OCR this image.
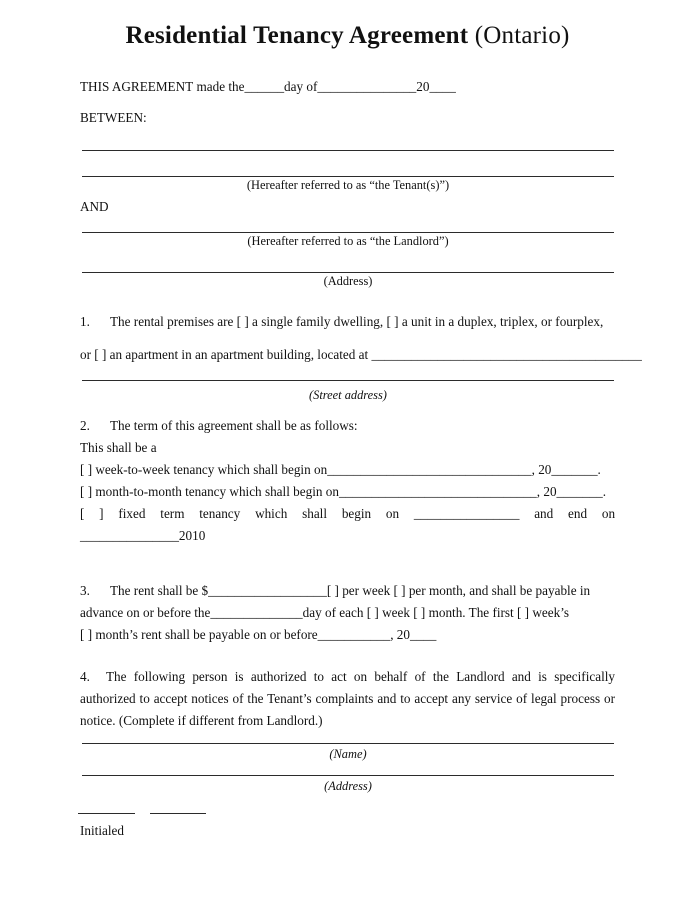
Residential Tenancy Agreement (Ontario)
THIS AGREEMENT made the______day of_______________20____
BETWEEN:
(Hereafter referred to as “the Tenant(s)”)
AND
(Hereafter referred to as “the Landlord”)
(Address)
1. The rental premises are [ ] a single family dwelling, [ ] a unit in a duplex, triplex, or fourplex,
or [ ] an apartment in an apartment building, located at _________________________________________
(Street address)
2. The term of this agreement shall be as follows:
This shall be a
[ ] week-to-week tenancy which shall begin on_______________________________, 20_______.
[ ] month-to-month tenancy which shall begin on______________________________, 20_______.
[ ] fixed term tenancy which shall begin on ________________ and end on
_______________2010
3. The rent shall be $__________________[ ] per week [ ] per month, and shall be payable in
advance on or before the______________day of each [ ] week [ ] month. The first [ ] week’s
[ ] month’s rent shall be payable on or before___________, 20____
4. The following person is authorized to act on behalf of the Landlord and is specifically authorized to accept notices of the Tenant’s complaints and to accept any service of legal process or notice. (Complete if different from Landlord.)
(Name)
(Address)
Initialed
